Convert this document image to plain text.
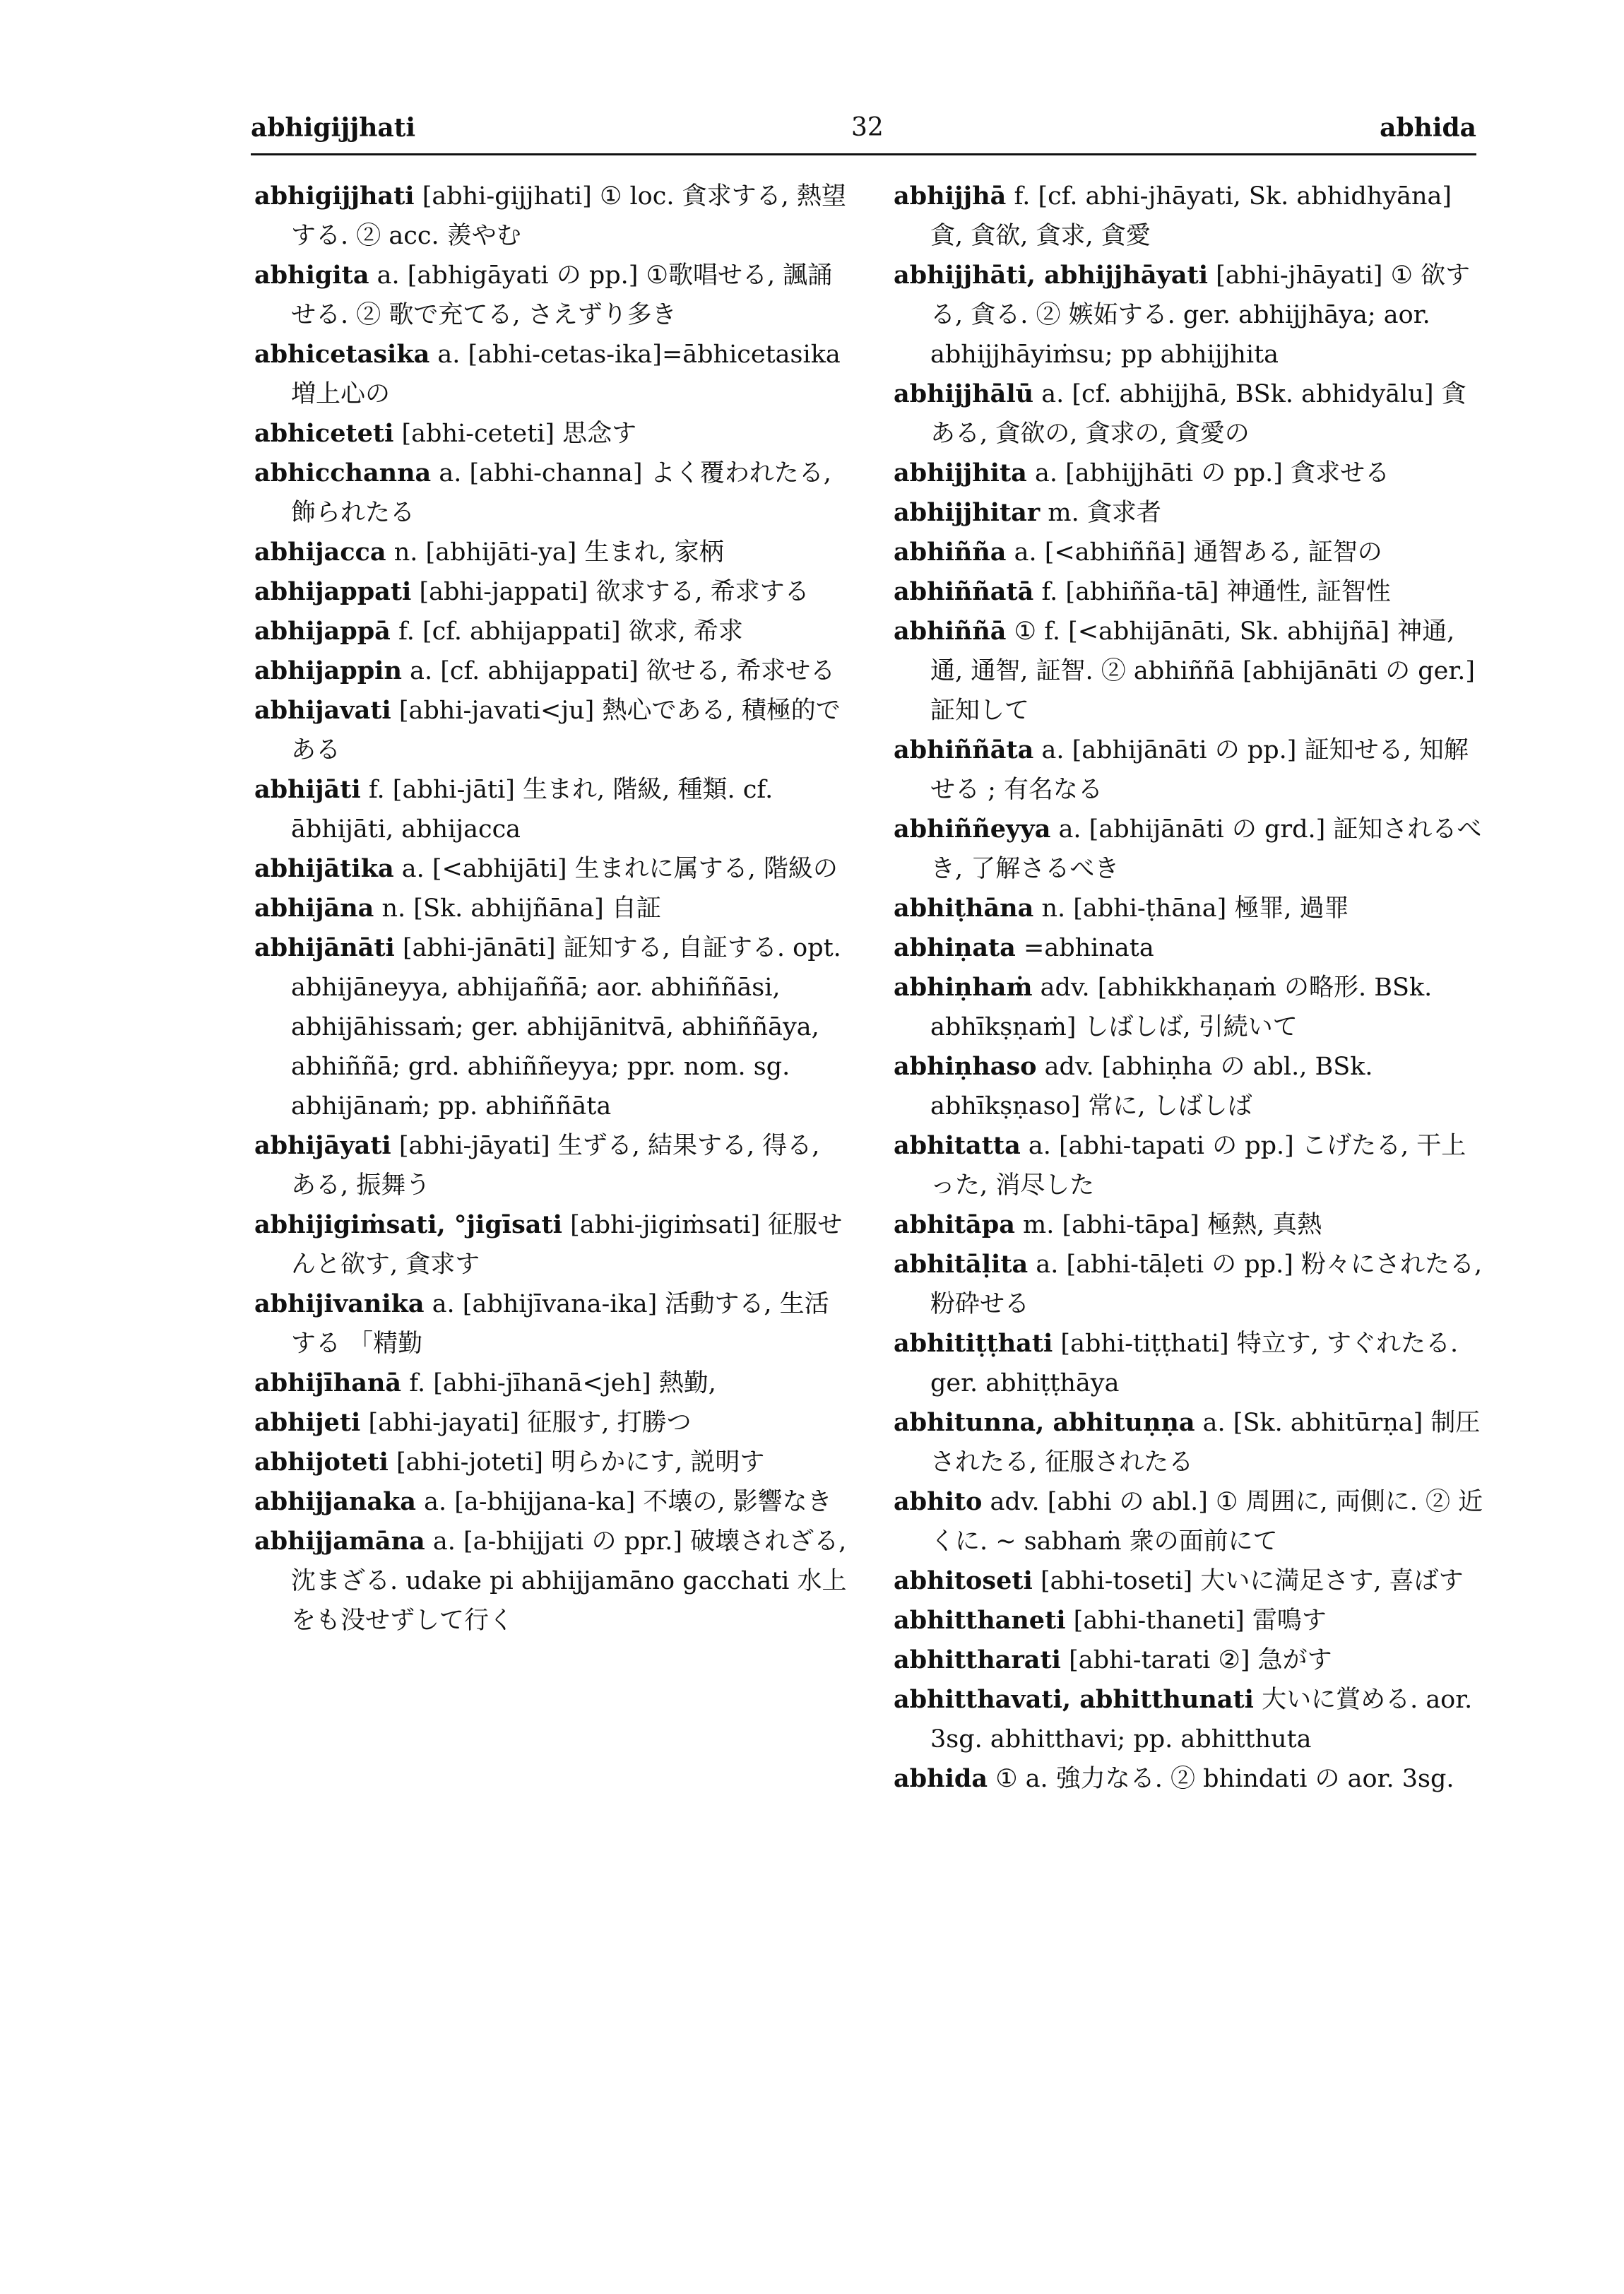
abhigijjhati	32	abhida

abhigijjhati [abhi-gijjhati] ① loc. 貪求する, 熱望する. ② acc. 羨やむ

abhigita a. [abhigāyati の pp.] ①歌唱せる, 諷誦せる. ② 歌で充てる, さえずり多き

abhicetasika a. [abhi-cetas-ika]=ābhicetasika 増上心の

abhiceteti [abhi-ceteti] 思念す

abhicchanna a. [abhi-channa] よく覆われたる, 飾られたる

abhijacca n. [abhijāti-ya] 生まれ, 家柄

abhijappati [abhi-jappati] 欲求する, 希求する

abhijappā f. [cf. abhijappati] 欲求, 希求

abhijappin a. [cf. abhijappati] 欲せる, 希求せる

abhijavati [abhi-javati<ju] 熱心である, 積極的である

abhijāti f. [abhi-jāti] 生まれ, 階級, 種類. cf. ābhijāti, abhijacca

abhijātika a. [<abhijāti] 生まれに属する, 階級の

abhijāna n. [Sk. abhijñāna] 自証

abhijānāti [abhi-jānāti] 証知する, 自証する. opt. abhijāneyya, abhijaññā; aor. abhiññāsi, abhijāhissaṁ; ger. abhijānitvā, abhiññāya, abhiññā; grd. abhiññeyya; ppr. nom. sg. abhijānaṁ; pp. abhiññāta

abhijāyati [abhi-jāyati] 生ずる, 結果する, 得る, ある, 振舞う

abhijigiṁsati, °jigīsati [abhi-jigiṁsati] 征服せんと欲す, 貪求す

abhijivanika a. [abhijīvana-ika] 活動する, 生活する 「精勤

abhijīhanā f. [abhi-jīhanā<jeh] 熱勤,

abhijeti [abhi-jayati] 征服す, 打勝つ

abhijoteti [abhi-joteti] 明らかにす, 説明す

abhijjanaka a. [a-bhijjana-ka] 不壊の, 影響なき

abhijjamāna a. [a-bhijjati の ppr.] 破壊されざる, 沈まざる. udake pi abhijjamāno gacchati 水上をも没せずして行く

abhijjhā f. [cf. abhi-jhāyati, Sk. abhidhyāna] 貪, 貪欲, 貪求, 貪愛

abhijjhāti, abhijjhāyati [abhi-jhāyati] ① 欲する, 貪る. ② 嫉妬する. ger. abhijjhāya; aor. abhijjhāyiṁsu; pp abhijjhita

abhijjhālū a. [cf. abhijjhā, BSk. abhidyālu] 貪ある, 貪欲の, 貪求の, 貪愛の

abhijjhita a. [abhijjhāti の pp.] 貪求せる

abhijjhitar m. 貪求者

abhiñña a. [<abhiññā] 通智ある, 証智の

abhiññatā f. [abhiñña-tā] 神通性, 証智性

abhiññā ① f. [<abhijānāti, Sk. abhijñā] 神通, 通, 通智, 証智. ② abhiññā [abhijānāti の ger.] 証知して

abhiññāta a. [abhijānāti の pp.] 証知せる, 知解せる ; 有名なる

abhiññeyya a. [abhijānāti の grd.] 証知されるべき, 了解さるべき

abhiṭhāna n. [abhi-ṭhāna] 極罪, 過罪

abhiṇata =abhinata

abhiṇhaṁ adv. [abhikkhaṇaṁ の略形. BSk. abhīkṣṇaṁ] しばしば, 引続いて

abhiṇhaso adv. [abhiṇha の abl., BSk. abhīkṣṇaso] 常に, しばしば

abhitatta a. [abhi-tapati の pp.] こげたる, 干上った, 消尽した

abhitāpa m. [abhi-tāpa] 極熱, 真熱

abhitāḷita a. [abhi-tāḷeti の pp.] 粉々にされたる, 粉砕せる

abhitiṭṭhati [abhi-tiṭṭhati] 特立す, すぐれたる. ger. abhiṭṭhāya

abhitunna, abhituṇṇa a. [Sk. abhitūrṇa] 制圧されたる, 征服されたる

abhito adv. [abhi の abl.] ① 周囲に, 両側に. ② 近くに. ~ sabhaṁ 衆の面前にて

abhitoseti [abhi-toseti] 大いに満足さす, 喜ばす

abhitthaneti [abhi-thaneti] 雷鳴す

abhittharati [abhi-tarati ②] 急がす

abhitthavati, abhitthunati 大いに賞める. aor. 3sg. abhitthavi; pp. abhitthuta

abhida ① a. 強力なる. ② bhindati の aor. 3sg.
